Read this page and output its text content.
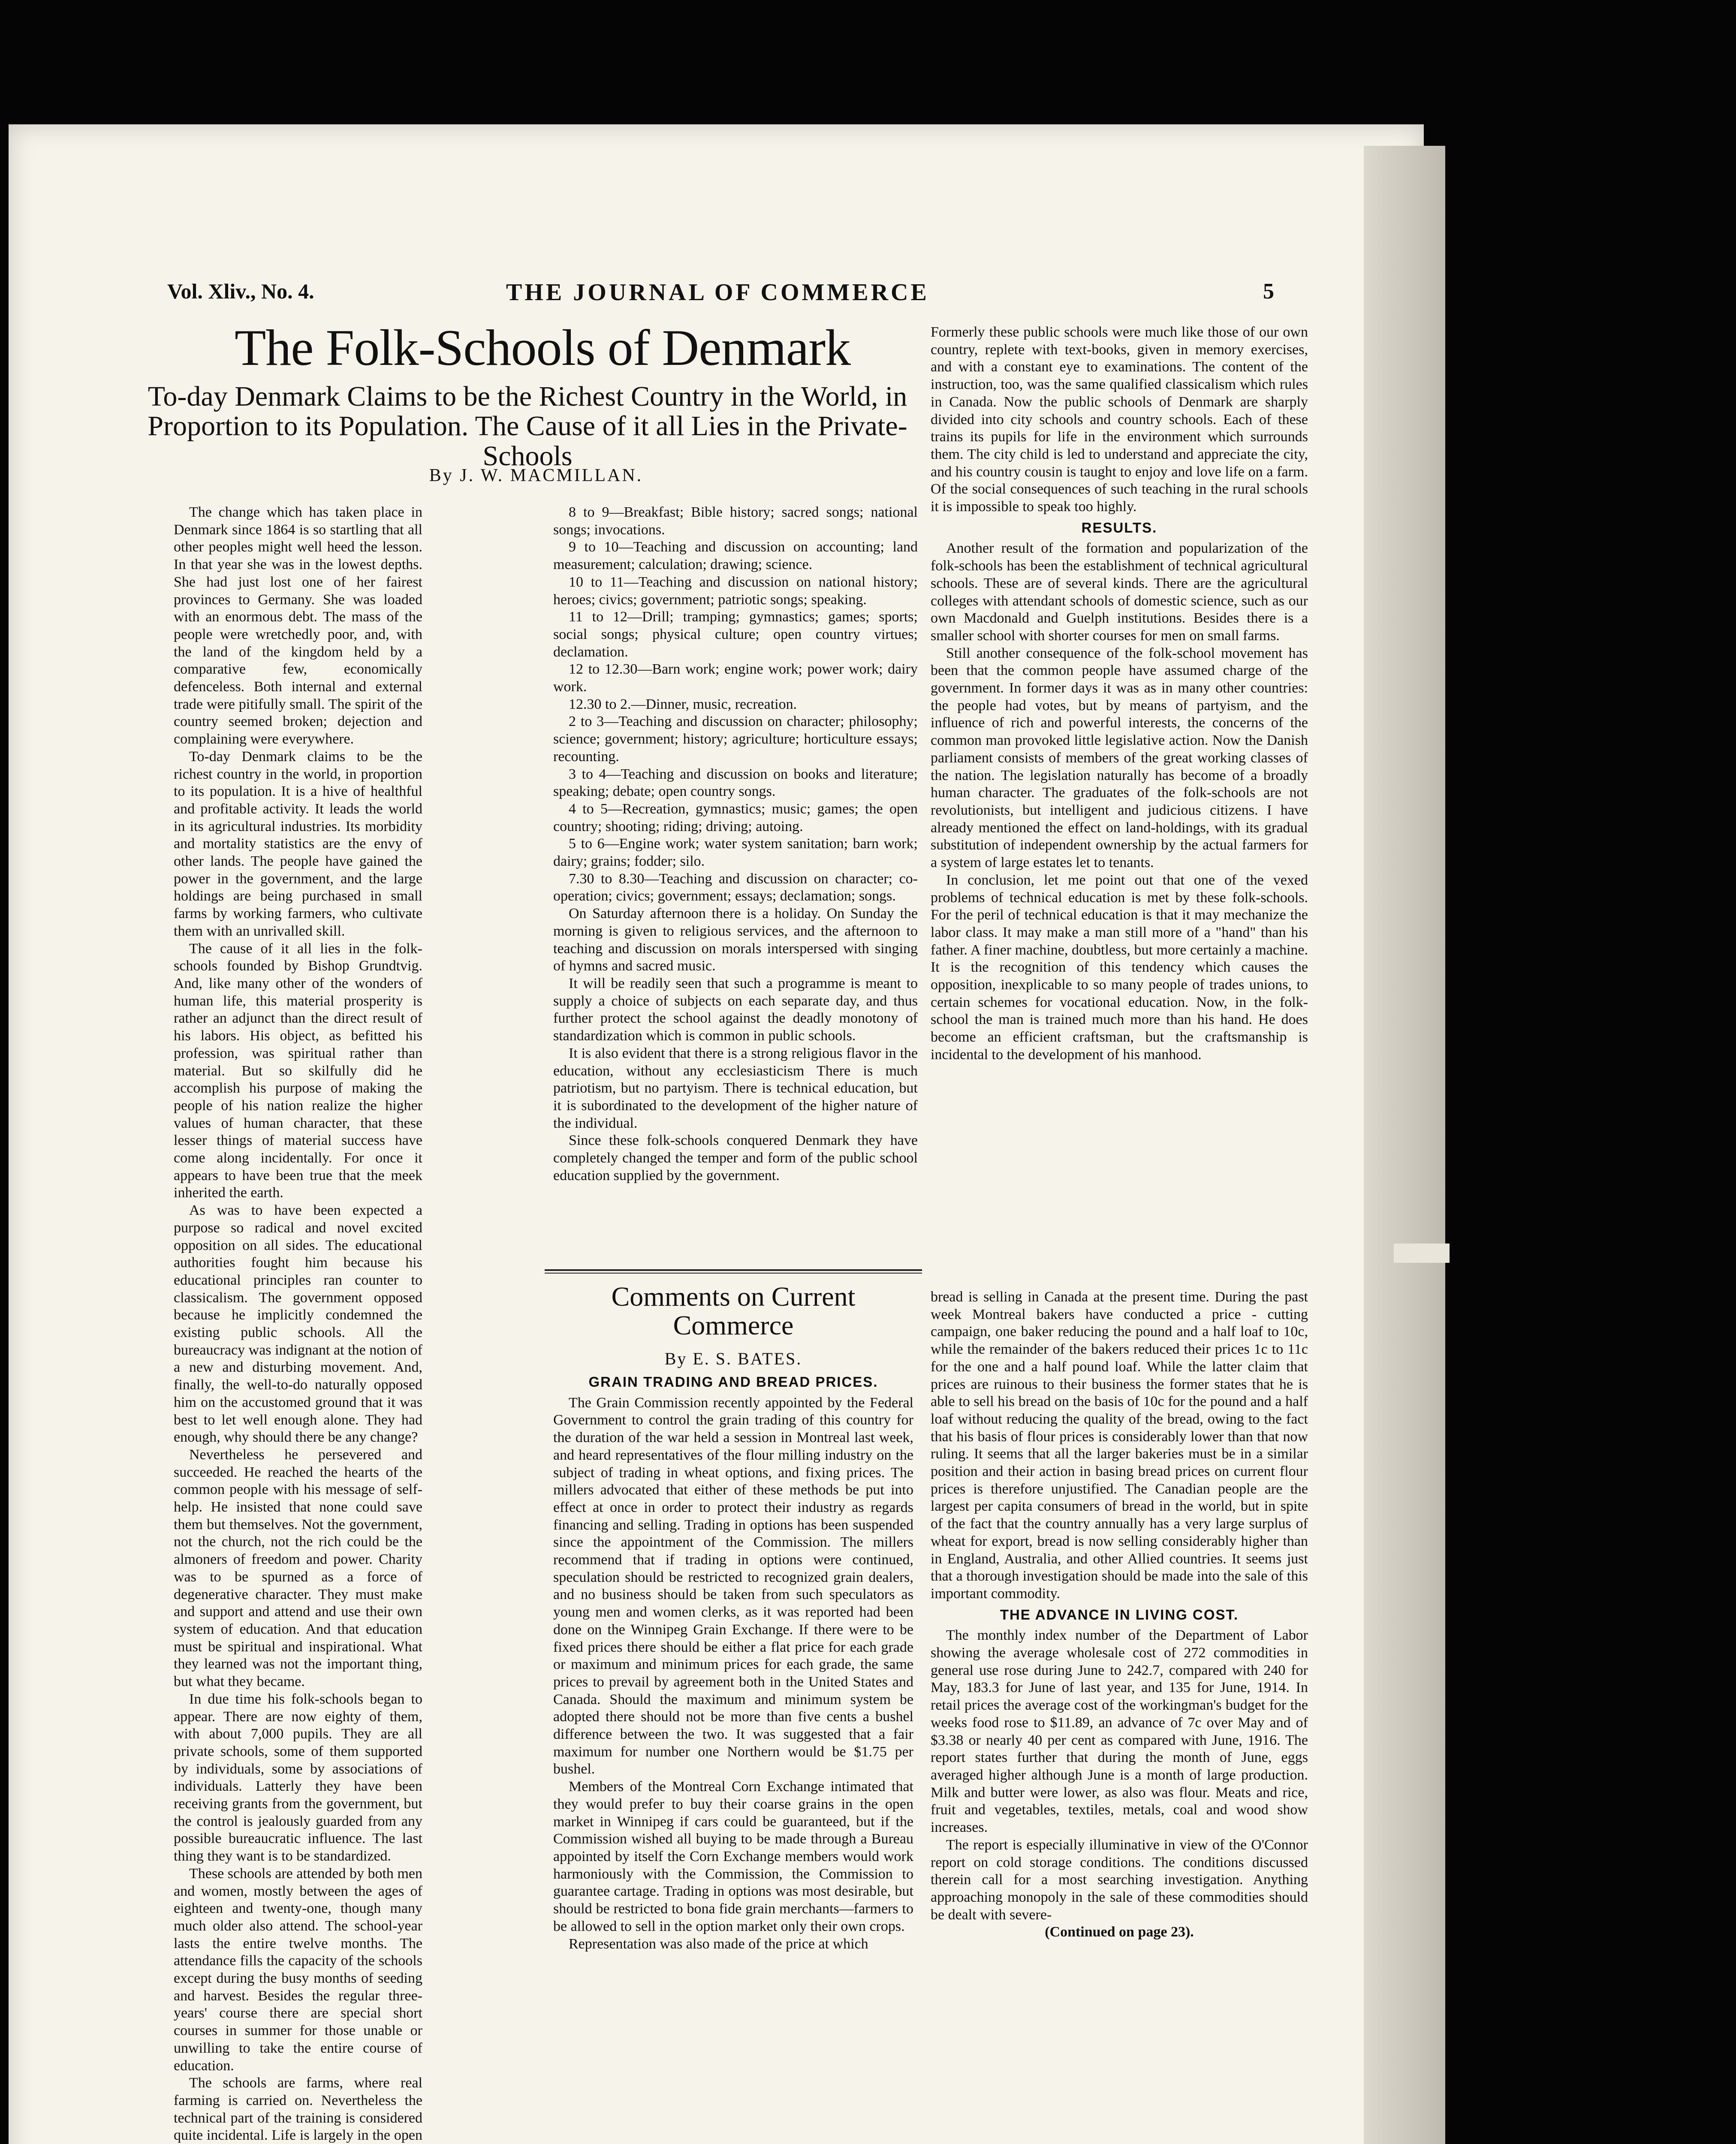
Vol. Xliv., No. 4.	THE JOURNAL OF COMMERCE	5
The Folk-Schools of Denmark
To-day Denmark Claims to be the Richest Country in the World, in Proportion to its Population. The Cause of it all Lies in the Private-Schools
By J. W. MACMILLAN.

The change which has taken place in Denmark since 1864 is so startling that all other peoples might well heed the lesson. In that year she was in the lowest depths. She had just lost one of her fairest provinces to Germany. She was loaded with an enormous debt. The mass of the people were wretchedly poor, and, with the land of the kingdom held by a comparative few, economically defenceless. Both internal and external trade were pitifully small. The spirit of the country seemed broken; dejection and complaining were everywhere.

To-day Denmark claims to be the richest country in the world, in proportion to its population. It is a hive of healthful and profitable activity. It leads the world in its agricultural industries. Its morbidity and mortality statistics are the envy of other lands. The people have gained the power in the government, and the large holdings are being purchased in small farms by working farmers, who cultivate them with an unrivalled skill.

The cause of it all lies in the folk-schools founded by Bishop Grundtvig. And, like many other of the wonders of human life, this material prosperity is rather an adjunct than the direct result of his labors. His object, as befitted his profession, was spiritual rather than material. But so skilfully did he accomplish his purpose of making the people of his nation realize the higher values of human character, that these lesser things of material success have come along incidentally. For once it appears to have been true that the meek inherited the earth.

As was to have been expected a purpose so radical and novel excited opposition on all sides. The educational authorities fought him because his educational principles ran counter to classicalism. The government opposed because he implicitly condemned the existing public schools. All the bureaucracy was indignant at the notion of a new and disturbing movement. And, finally, the well-to-do naturally opposed him on the accustomed ground that it was best to let well enough alone. They had enough, why should there be any change?

Nevertheless he persevered and succeeded. He reached the hearts of the common people with his message of self-help. He insisted that none could save them but themselves. Not the government, not the church, not the rich could be the almoners of freedom and power. Charity was to be spurned as a force of degenerative character. They must make and support and attend and use their own system of education. And that education must be spiritual and inspirational. What they learned was not the important thing, but what they became.

In due time his folk-schools began to appear. There are now eighty of them, with about 7,000 pupils. They are all private schools, some of them supported by individuals, some by associations of individuals. Latterly they have been receiving grants from the government, but the control is jealously guarded from any possible bureaucratic influence. The last thing they want is to be standardized.

These schools are attended by both men and women, mostly between the ages of eighteen and twenty-one, though many much older also attend. The school-year lasts the entire twelve months. The attendance fills the capacity of the schools except during the busy months of seeding and harvest. Besides the regular three-years' course there are special short courses in summer for those unable or unwilling to take the entire course of education.

The schools are farms, where real farming is carried on. Nevertheless the technical part of the training is considered quite incidental. Life is largely in the open

8 to 9—Breakfast; Bible history; sacred songs; national songs; invocations.

9 to 10—Teaching and discussion on accounting; land measurement; calculation; drawing; science.

10 to 11—Teaching and discussion on national history; heroes; civics; government; patriotic songs; speaking.

11 to 12—Drill; tramping; gymnastics; games; sports; social songs; physical culture; open country virtues; declamation.

12 to 12.30—Barn work; engine work; power work; dairy work.

12.30 to 2.—Dinner, music, recreation.

2 to 3—Teaching and discussion on character; philosophy; science; government; history; agriculture; horticulture essays; recounting.

3 to 4—Teaching and discussion on books and literature; speaking; debate; open country songs.

4 to 5—Recreation, gymnastics; music; games; the open country; shooting; riding; driving; autoing.

5 to 6—Engine work; water system sanitation; barn work; dairy; grains; fodder; silo.

7.30 to 8.30—Teaching and discussion on character; co-operation; civics; government; essays; declamation; songs.

On Saturday afternoon there is a holiday. On Sunday the morning is given to religious services, and the afternoon to teaching and discussion on morals interspersed with singing of hymns and sacred music.

It will be readily seen that such a programme is meant to supply a choice of subjects on each separate day, and thus further protect the school against the deadly monotony of standardization which is common in public schools.

It is also evident that there is a strong religious flavor in the education, without any ecclesiasticism There is much patriotism, but no partyism. There is technical education, but it is subordinated to the development of the higher nature of the individual.

Since these folk-schools conquered Denmark they have completely changed the temper and form of the public school education supplied by the government.

Formerly these public schools were much like those of our own country, replete with text-books, given in memory exercises, and with a constant eye to examinations. The content of the instruction, too, was the same qualified classicalism which rules in Canada. Now the public schools of Denmark are sharply divided into city schools and country schools. Each of these trains its pupils for life in the environment which surrounds them. The city child is led to understand and appreciate the city, and his country cousin is taught to enjoy and love life on a farm. Of the social consequences of such teaching in the rural schools it is impossible to speak too highly.

RESULTS.

Another result of the formation and popularization of the folk-schools has been the establishment of technical agricultural schools. These are of several kinds. There are the agricultural colleges with attendant schools of domestic science, such as our own Macdonald and Guelph institutions. Besides there is a smaller school with shorter courses for men on small farms.

Still another consequence of the folk-school movement has been that the common people have assumed charge of the government. In former days it was as in many other countries: the people had votes, but by means of partyism, and the influence of rich and powerful interests, the concerns of the common man provoked little legislative action. Now the Danish parliament consists of members of the great working classes of the nation. The legislation naturally has become of a broadly human character. The graduates of the folk-schools are not revolutionists, but intelligent and judicious citizens. I have already mentioned the effect on land-holdings, with its gradual substitution of independent ownership by the actual farmers for a system of large estates let to tenants.

In conclusion, let me point out that one of the vexed problems of technical education is met by these folk-schools. For the peril of technical education is that it may mechanize the labor class. It may make a man still more of a "hand" than his father. A finer machine, doubtless, but more certainly a machine. It is the recognition of this tendency which causes the opposition, inexplicable to so many people of trades unions, to certain schemes for vocational education. Now, in the folk-school the man is trained much more than his hand. He does become an efficient craftsman, but the craftsmanship is incidental to the development of his manhood.

Comments on Current Commerce
By E. S. BATES.
GRAIN TRADING AND BREAD PRICES.

The Grain Commission recently appointed by the Federal Government to control the grain trading of this country for the duration of the war held a session in Montreal last week, and heard representatives of the flour milling industry on the subject of trading in wheat options, and fixing prices. The millers advocated that either of these methods be put into effect at once in order to protect their industry as regards financing and selling. Trading in options has been suspended since the appointment of the Commission. The millers recommend that if trading in options were continued, speculation should be restricted to recognized grain dealers, and no business should be taken from such speculators as young men and women clerks, as it was reported had been done on the Winnipeg Grain Exchange. If there were to be fixed prices there should be either a flat price for each grade or maximum and minimum prices for each grade, the same prices to prevail by agreement both in the United States and Canada. Should the maximum and minimum system be adopted there should not be more than five cents a bushel difference between the two. It was suggested that a fair maximum for number one Northern would be $1.75 per bushel.

Members of the Montreal Corn Exchange intimated that they would prefer to buy their coarse grains in the open market in Winnipeg if cars could be guaranteed, but if the Commission wished all buying to be made through a Bureau appointed by itself the Corn Exchange members would work harmoniously with the Commission, the Commission to guarantee cartage. Trading in options was most desirable, but should be restricted to bona fide grain merchants—farmers to be allowed to sell in the option market only their own crops.

Representation was also made of the price at which

bread is selling in Canada at the present time. During the past week Montreal bakers have conducted a price - cutting campaign, one baker reducing the pound and a half loaf to 10c, while the remainder of the bakers reduced their prices 1c to 11c for the one and a half pound loaf. While the latter claim that prices are ruinous to their business the former states that he is able to sell his bread on the basis of 10c for the pound and a half loaf without reducing the quality of the bread, owing to the fact that his basis of flour prices is considerably lower than that now ruling. It seems that all the larger bakeries must be in a similar position and their action in basing bread prices on current flour prices is therefore unjustified. The Canadian people are the largest per capita consumers of bread in the world, but in spite of the fact that the country annually has a very large surplus of wheat for export, bread is now selling considerably higher than in England, Australia, and other Allied countries. It seems just that a thorough investigation should be made into the sale of this important commodity.

THE ADVANCE IN LIVING COST.

The monthly index number of the Department of Labor showing the average wholesale cost of 272 commodities in general use rose during June to 242.7, compared with 240 for May, 183.3 for June of last year, and 135 for June, 1914. In retail prices the average cost of the workingman's budget for the weeks food rose to $11.89, an advance of 7c over May and of $3.38 or nearly 40 per cent as compared with June, 1916. The report states further that during the month of June, eggs averaged higher although June is a month of large production. Milk and butter were lower, as also was flour. Meats and rice, fruit and vegetables, textiles, metals, coal and wood show increases.

The report is especially illuminative in view of the O'Connor report on cold storage conditions. The conditions discussed therein call for a most searching investigation. Anything approaching monopoly in the sale of these commodities should be dealt with severe-

(Continued on page 23).
